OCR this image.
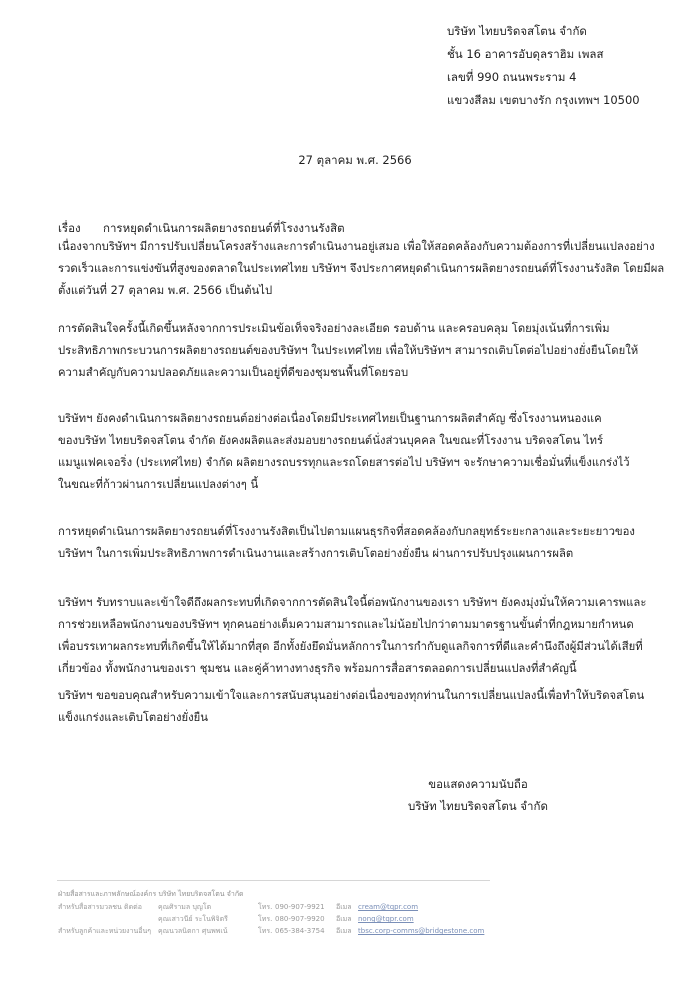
บริษัท ไทยบริดจสโตน จำกัด
ชั้น 16 อาคารอับดุลราฮิม เพลส
เลขที่ 990 ถนนพระราม 4
แขวงสีลม เขตบางรัก กรุงเทพฯ 10500
27 ตุลาคม พ.ศ. 2566
เรื่อง การหยุดดำเนินการผลิตยางรถยนต์ที่โรงงานรังสิต
เนื่องจากบริษัทฯ มีการปรับเปลี่ยนโครงสร้างและการดำเนินงานอยู่เสมอ เพื่อให้สอดคล้องกับความต้องการที่เปลี่ยนแปลงอย่าง
รวดเร็วและการแข่งขันที่สูงของตลาดในประเทศไทย บริษัทฯ จึงประกาศหยุดดำเนินการผลิตยางรถยนต์ที่โรงงานรังสิต โดยมีผล
ตั้งแต่วันที่ 27 ตุลาคม พ.ศ. 2566 เป็นต้นไป
การตัดสินใจครั้งนี้เกิดขึ้นหลังจากการประเมินข้อเท็จจริงอย่างละเอียด รอบด้าน และครอบคลุม โดยมุ่งเน้นที่การเพิ่ม
ประสิทธิภาพกระบวนการผลิตยางรถยนต์ของบริษัทฯ ในประเทศไทย เพื่อให้บริษัทฯ สามารถเติบโตต่อไปอย่างยั่งยืนโดยให้
ความสำคัญกับความปลอดภัยและความเป็นอยู่ที่ดีของชุมชนพื้นที่โดยรอบ
บริษัทฯ ยังคงดำเนินการผลิตยางรถยนต์อย่างต่อเนื่องโดยมีประเทศไทยเป็นฐานการผลิตสำคัญ ซึ่งโรงงานหนองแค
ของบริษัท ไทยบริดจสโตน จำกัด ยังคงผลิตและส่งมอบยางรถยนต์นั่งส่วนบุคคล ในขณะที่โรงงาน บริดจสโตน ไทร์
แมนูแฟคเจอริ่ง (ประเทศไทย) จำกัด ผลิตยางรถบรรทุกและรถโดยสารต่อไป บริษัทฯ จะรักษาความเชื่อมั่นที่แข็งแกร่งไว้
ในขณะที่ก้าวผ่านการเปลี่ยนแปลงต่างๆ นี้
การหยุดดำเนินการผลิตยางรถยนต์ที่โรงงานรังสิตเป็นไปตามแผนธุรกิจที่สอดคล้องกับกลยุทธ์ระยะกลางและระยะยาวของ
บริษัทฯ ในการเพิ่มประสิทธิภาพการดำเนินงานและสร้างการเติบโตอย่างยั่งยืน ผ่านการปรับปรุงแผนการผลิต
บริษัทฯ รับทราบและเข้าใจดีถึงผลกระทบที่เกิดจากการตัดสินใจนี้ต่อพนักงานของเรา บริษัทฯ ยังคงมุ่งมั่นให้ความเคารพและ
การช่วยเหลือพนักงานของบริษัทฯ ทุกคนอย่างเต็มความสามารถและไม่น้อยไปกว่าตามมาตรฐานขั้นต่ำที่กฎหมายกำหนด
เพื่อบรรเทาผลกระทบที่เกิดขึ้นให้ได้มากที่สุด อีกทั้งยังยึดมั่นหลักการในการกำกับดูแลกิจการที่ดีและคำนึงถึงผู้มีส่วนได้เสียที่
เกี่ยวข้อง ทั้งพนักงานของเรา ชุมชน และคู่ค้าทางทางธุรกิจ พร้อมการสื่อสารตลอดการเปลี่ยนแปลงที่สำคัญนี้
บริษัทฯ ขอขอบคุณสำหรับความเข้าใจและการสนับสนุนอย่างต่อเนื่องของทุกท่านในการเปลี่ยนแปลงนี้เพื่อทำให้บริดจสโตน
แข็งแกร่งและเติบโตอย่างยั่งยืน
ขอแสดงความนับถือ
บริษัท ไทยบริดจสโตน จำกัด
ฝ่ายสื่อสารและภาพลักษณ์องค์กร บริษัท ไทยบริดจสโตน จำกัด
สำหรับสื่อสารมวลชน ติดต่อ คุณศิรามล บุญโต	โทร. 090-907-9921 อีเมล cream@tqpr.com
คุณเสาวนีย์ ระโนพิจิตรี	โทร. 080-907-9920 อีเมล nong@tqpr.com
สำหรับลูกค้าและหน่วยงานอื่นๆ คุณนวลนิตกา ศุนพพเน้	โทร. 065-384-3754 อีเมล tbsc.corp-comms@bridgestone.com
